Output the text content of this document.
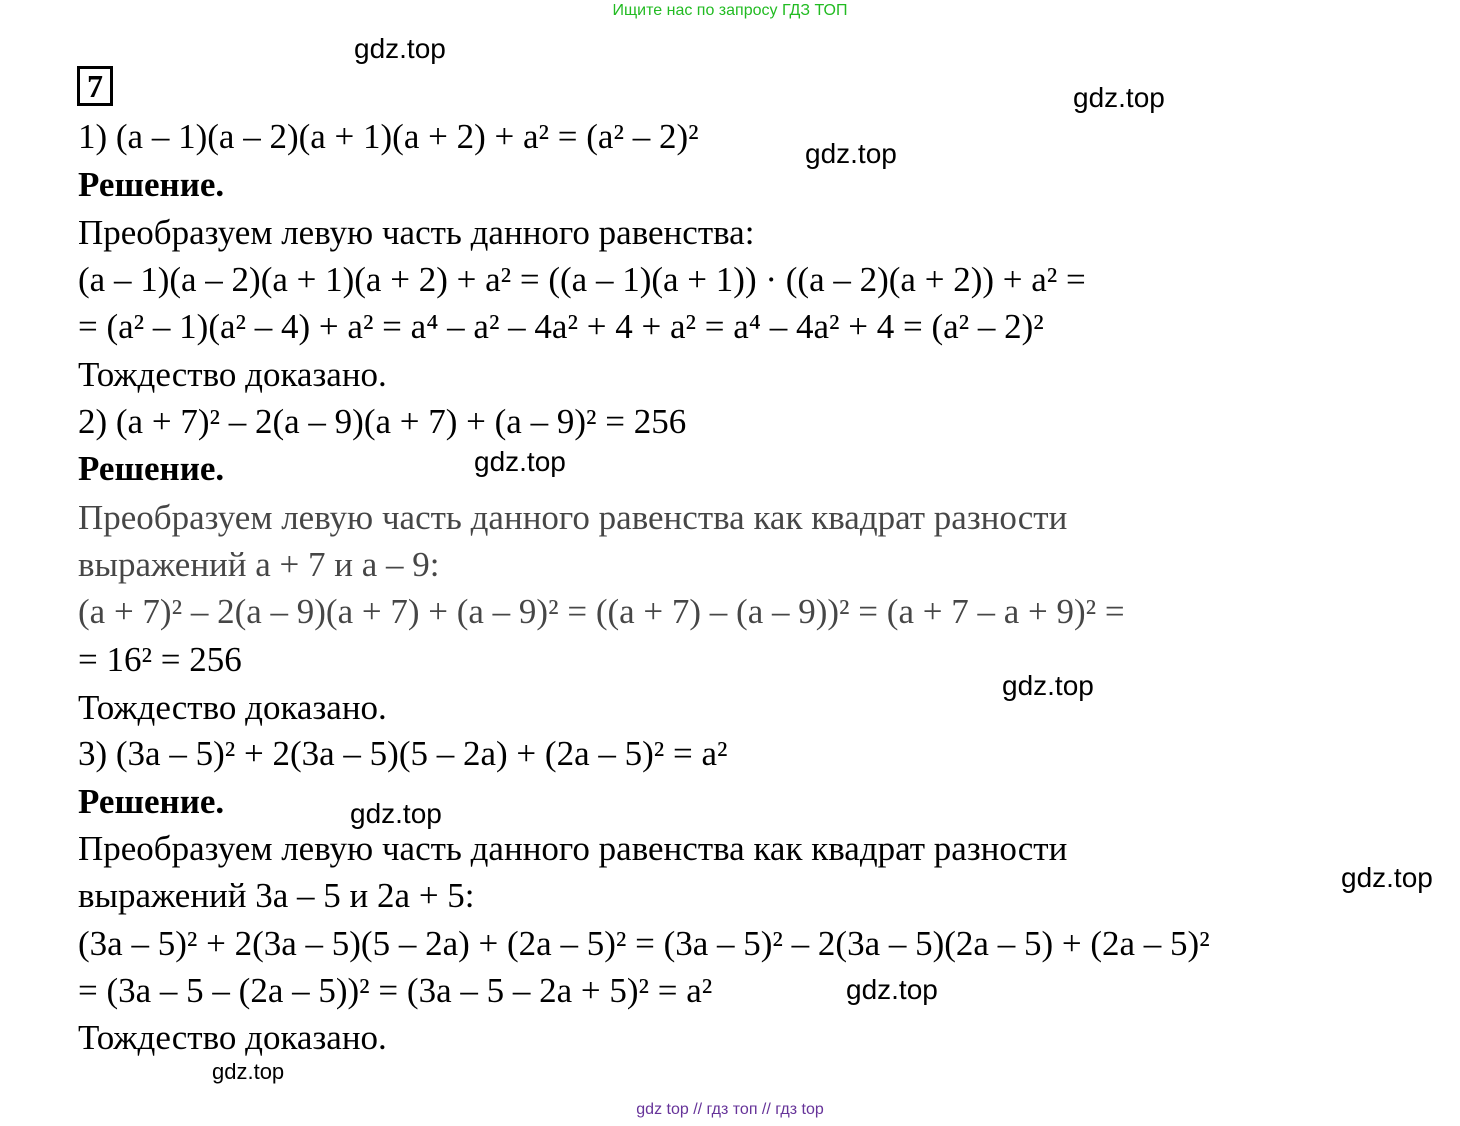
Ищите нас по запросу ГДЗ ТОП
7
1) (a – 1)(a – 2)(a + 1)(a + 2) + a² = (a² – 2)²
Решение.
Преобразуем левую часть данного равенства:
(a – 1)(a – 2)(a + 1)(a + 2) + a² = ((a – 1)(a + 1)) · ((a – 2)(a + 2)) + a² =
= (a² – 1)(a² – 4) + a² = a⁴ – a² – 4a² + 4 + a² = a⁴ – 4a² + 4 = (a² – 2)²
Тождество доказано.
2) (a + 7)² – 2(a – 9)(a + 7) + (a – 9)² = 256
Решение.
Преобразуем левую часть данного равенства как квадрат разности
выражений a + 7 и a – 9:
(a + 7)² – 2(a – 9)(a + 7) + (a – 9)² = ((a + 7) – (a – 9))² = (a + 7 – a + 9)² =
= 16² = 256
Тождество доказано.
3) (3a – 5)² + 2(3a – 5)(5 – 2a) + (2a – 5)² = a²
Решение.
Преобразуем левую часть данного равенства как квадрат разности
выражений 3a – 5 и 2a + 5:
(3a – 5)² + 2(3a – 5)(5 – 2a) + (2a – 5)² = (3a – 5)² – 2(3a – 5)(2a – 5) + (2a – 5)²
= (3a – 5 – (2a – 5))² = (3a – 5 – 2a + 5)² = a²
Тождество доказано.
gdz.top
gdz.top
gdz.top
gdz.top
gdz.top
gdz.top
gdz.top
gdz.top
gdz.top
gdz top // гдз топ // гдз top
